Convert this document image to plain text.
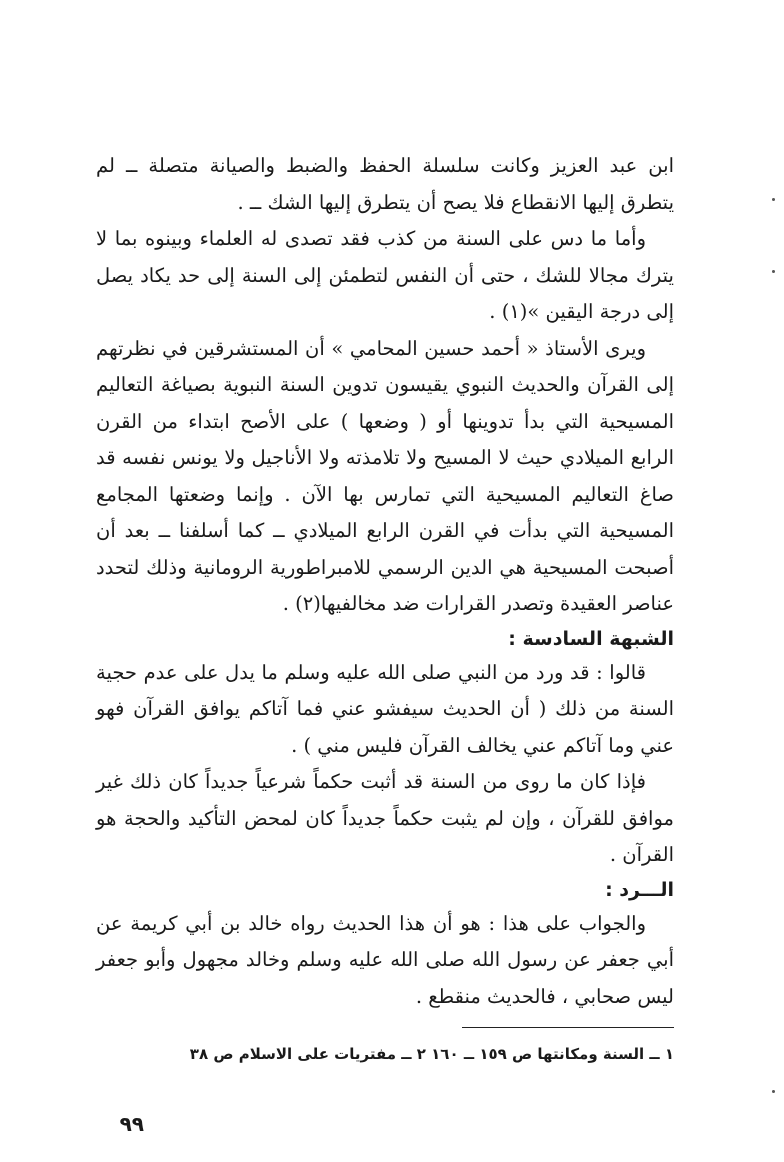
ابن عبد العزيز وكانت سلسلة الحفظ والضبط والصيانة متصلة ــ لم يتطرق إليها الانقطاع فلا يصح أن يتطرق إليها الشك ــ .

وأما ما دس على السنة من كذب فقد تصدى له العلماء وبينوه بما لا يترك مجالا للشك ، حتى أن النفس لتطمئن إلى السنة إلى حد يكاد يصل إلى درجة اليقين »(١) .

ويرى الأستاذ « أحمد حسين المحامي » أن المستشرقين في نظرتهم إلى القرآن والحديث النبوي يقيسون تدوين السنة النبوية بصياغة التعاليم المسيحية التي بدأ تدوينها أو ( وضعها ) على الأصح ابتداء من القرن الرابع الميلادي حيث لا المسيح ولا تلامذته ولا الأناجيل ولا يونس نفسه قد صاغ التعاليم المسيحية التي تمارس بها الآن . وإنما وضعتها المجامع المسيحية التي بدأت في القرن الرابع الميلادي ــ كما أسلفنا ــ بعد أن أصبحت المسيحية هي الدين الرسمي للامبراطورية الرومانية وذلك لتحدد عناصر العقيدة وتصدر القرارات ضد مخالفيها(٢) .

الشبهة السادسة :

قالوا : قد ورد من النبي صلى الله عليه وسلم ما يدل على عدم حجية السنة من ذلك ( أن الحديث سيفشو عني فما آتاكم يوافق القرآن فهو عني وما آتاكم عني يخالف القرآن فليس مني ) .

فإذا كان ما روى من السنة قد أثبت حكماً شرعياً جديداً كان ذلك غير موافق للقرآن ، وإن لم يثبت حكماً جديداً كان لمحض التأكيد والحجة هو القرآن .

الـــرد :

والجواب على هذا : هو أن هذا الحديث رواه خالد بن أبي كريمة عن أبي جعفر عن رسول الله صلى الله عليه وسلم وخالد مجهول وأبو جعفر ليس صحابي ، فالحديث منقطع .

١ ــ السنة ومكانتها ص ١٥٩ ــ ١٦٠ ٢ ــ مفتريات على الاسلام ص ٣٨
٩٩
